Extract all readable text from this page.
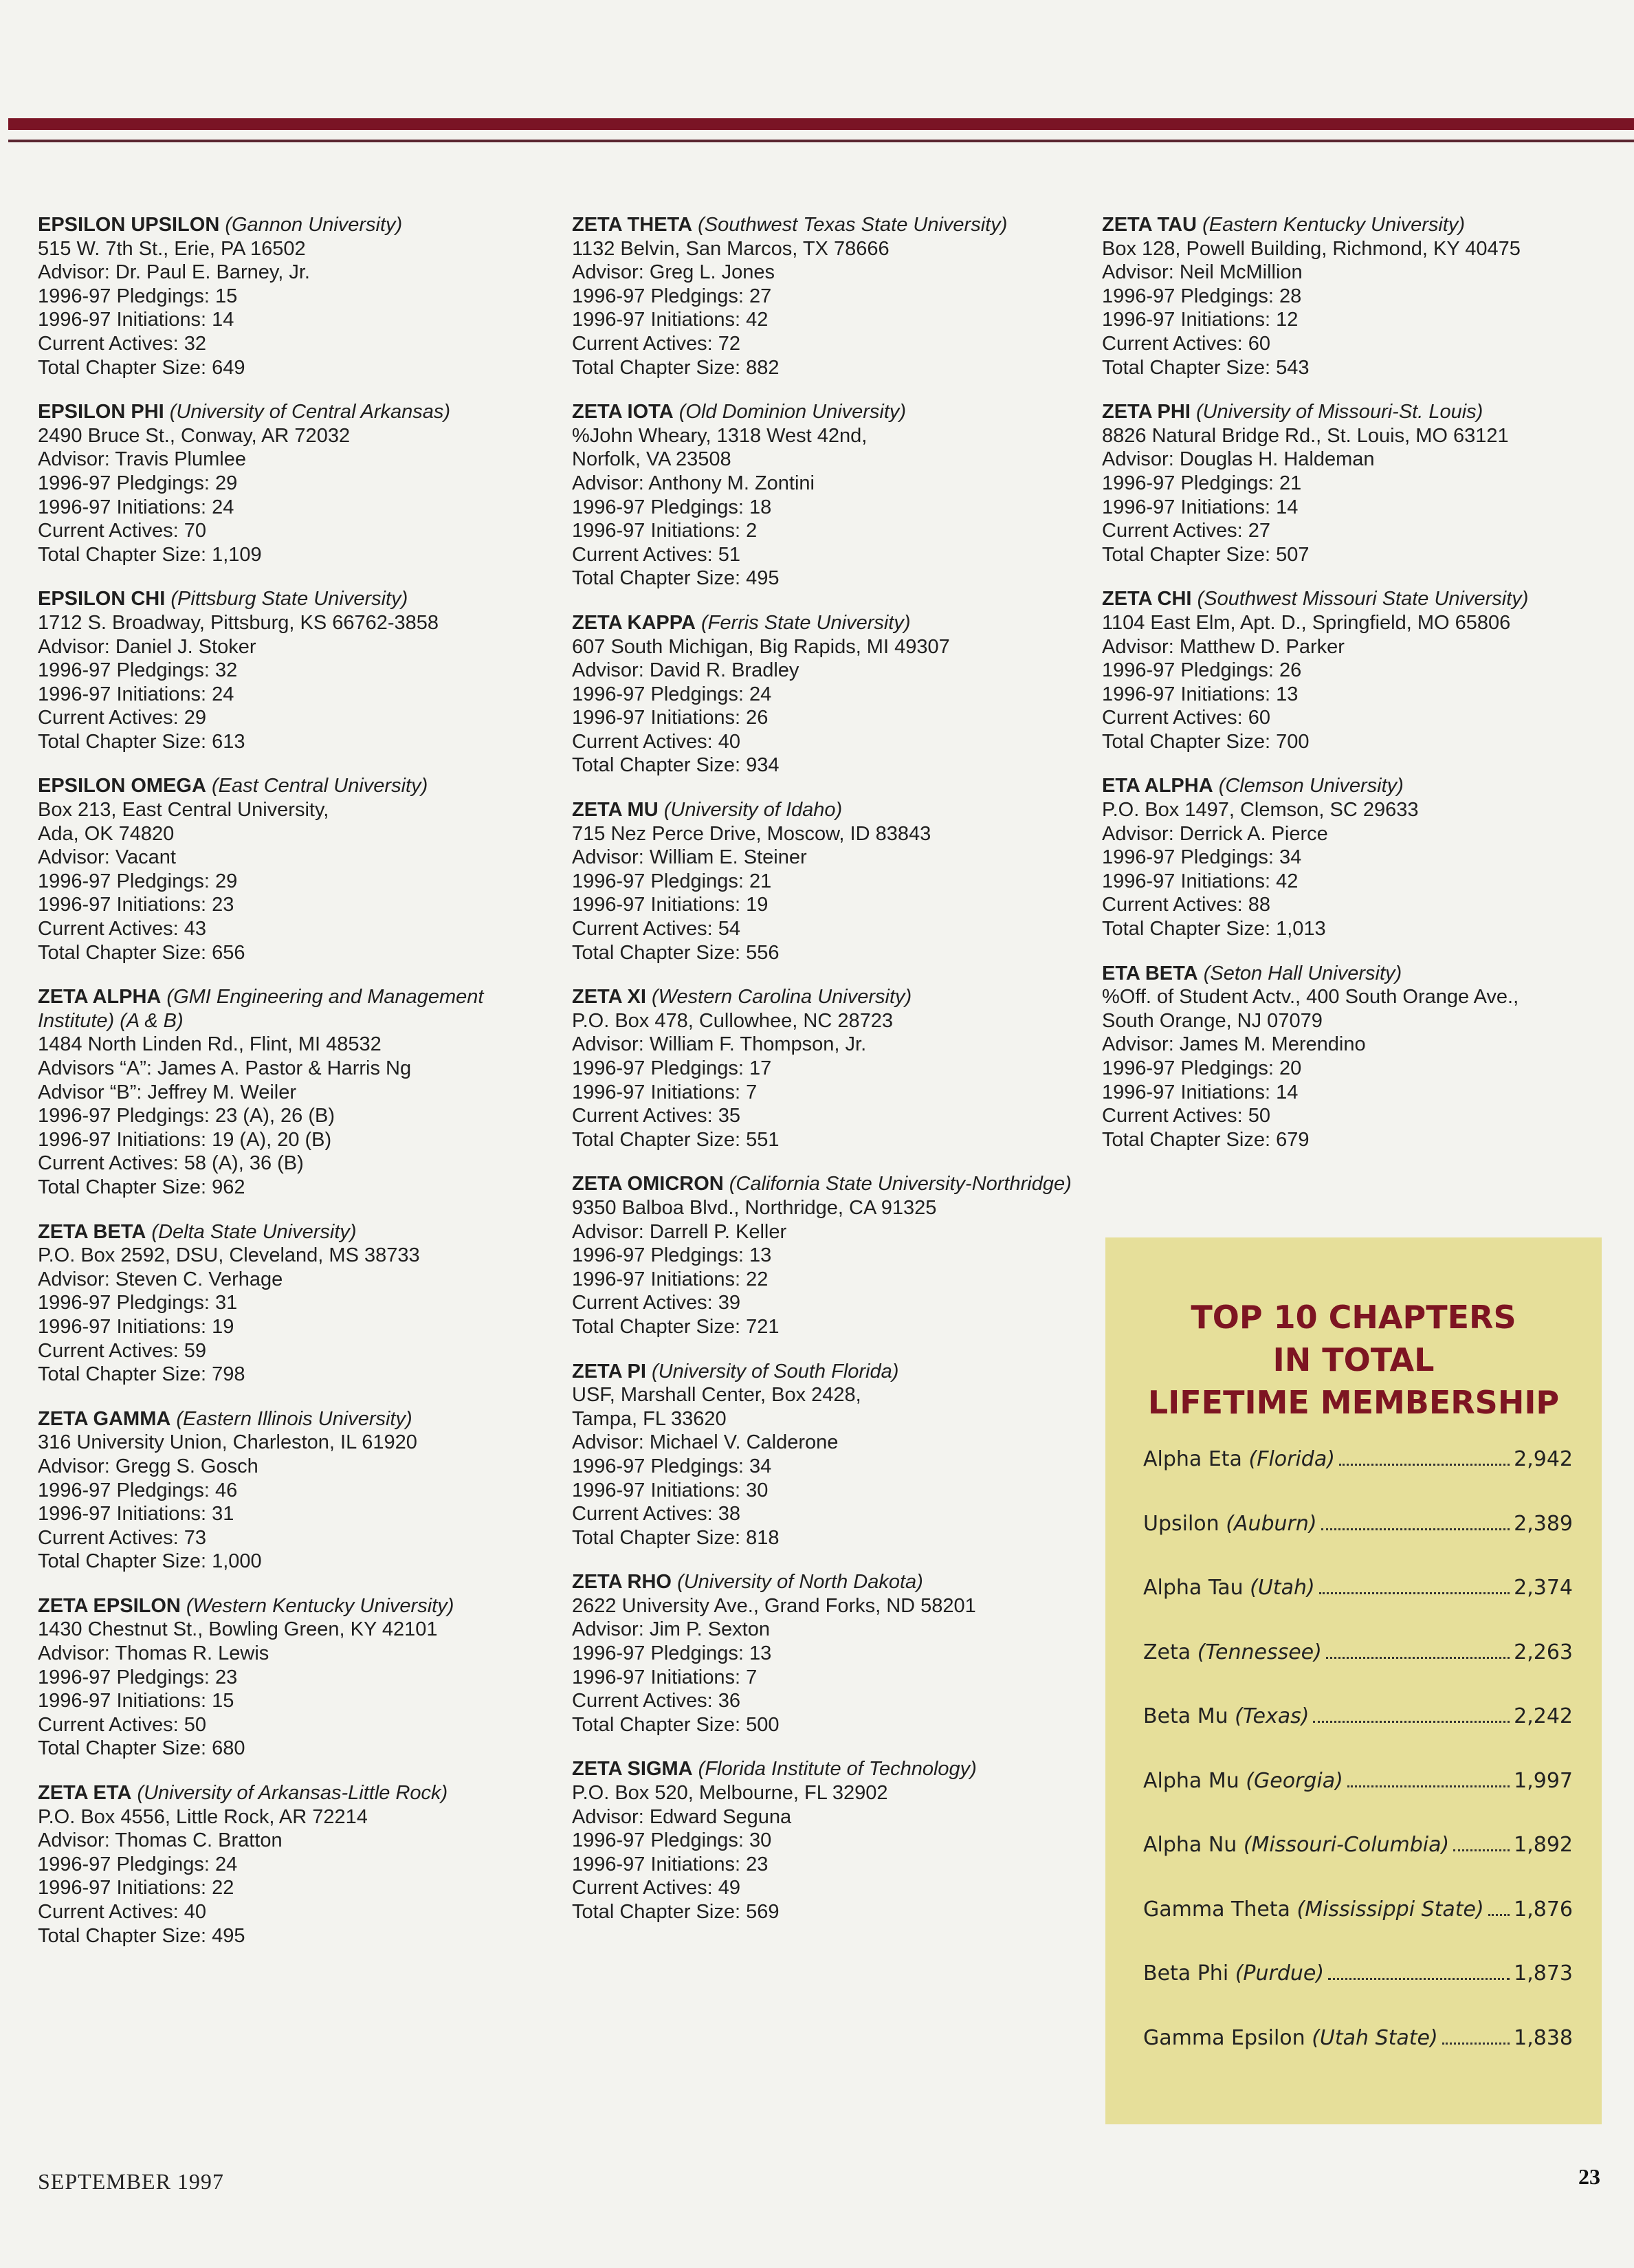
EPSILON UPSILON (Gannon University)
515 W. 7th St., Erie, PA 16502
Advisor: Dr. Paul E. Barney, Jr.
1996-97 Pledgings: 15
1996-97 Initiations: 14
Current Actives: 32
Total Chapter Size: 649
EPSILON PHI (University of Central Arkansas)
2490 Bruce St., Conway, AR 72032
Advisor: Travis Plumlee
1996-97 Pledgings: 29
1996-97 Initiations: 24
Current Actives: 70
Total Chapter Size: 1,109
EPSILON CHI (Pittsburg State University)
1712 S. Broadway, Pittsburg, KS 66762-3858
Advisor: Daniel J. Stoker
1996-97 Pledgings: 32
1996-97 Initiations: 24
Current Actives: 29
Total Chapter Size: 613
EPSILON OMEGA (East Central University)
Box 213, East Central University,
Ada, OK 74820
Advisor: Vacant
1996-97 Pledgings: 29
1996-97 Initiations: 23
Current Actives: 43
Total Chapter Size: 656
ZETA ALPHA (GMI Engineering and Management Institute) (A & B)
1484 North Linden Rd., Flint, MI 48532
Advisors “A”: James A. Pastor & Harris Ng
Advisor “B”: Jeffrey M. Weiler
1996-97 Pledgings: 23 (A), 26 (B)
1996-97 Initiations: 19 (A), 20 (B)
Current Actives: 58 (A), 36 (B)
Total Chapter Size: 962
ZETA BETA (Delta State University)
P.O. Box 2592, DSU, Cleveland, MS 38733
Advisor: Steven C. Verhage
1996-97 Pledgings: 31
1996-97 Initiations: 19
Current Actives: 59
Total Chapter Size: 798
ZETA GAMMA (Eastern Illinois University)
316 University Union, Charleston, IL 61920
Advisor: Gregg S. Gosch
1996-97 Pledgings: 46
1996-97 Initiations: 31
Current Actives: 73
Total Chapter Size: 1,000
ZETA EPSILON (Western Kentucky University)
1430 Chestnut St., Bowling Green, KY 42101
Advisor: Thomas R. Lewis
1996-97 Pledgings: 23
1996-97 Initiations: 15
Current Actives: 50
Total Chapter Size: 680
ZETA ETA (University of Arkansas-Little Rock)
P.O. Box 4556, Little Rock, AR 72214
Advisor: Thomas C. Bratton
1996-97 Pledgings: 24
1996-97 Initiations: 22
Current Actives: 40
Total Chapter Size: 495
ZETA THETA (Southwest Texas State University)
1132 Belvin, San Marcos, TX 78666
Advisor: Greg L. Jones
1996-97 Pledgings: 27
1996-97 Initiations: 42
Current Actives: 72
Total Chapter Size: 882
ZETA IOTA (Old Dominion University)
%John Wheary, 1318 West 42nd,
Norfolk, VA 23508
Advisor: Anthony M. Zontini
1996-97 Pledgings: 18
1996-97 Initiations: 2
Current Actives: 51
Total Chapter Size: 495
ZETA KAPPA (Ferris State University)
607 South Michigan, Big Rapids, MI 49307
Advisor: David R. Bradley
1996-97 Pledgings: 24
1996-97 Initiations: 26
Current Actives: 40
Total Chapter Size: 934
ZETA MU (University of Idaho)
715 Nez Perce Drive, Moscow, ID 83843
Advisor: William E. Steiner
1996-97 Pledgings: 21
1996-97 Initiations: 19
Current Actives: 54
Total Chapter Size: 556
ZETA XI (Western Carolina University)
P.O. Box 478, Cullowhee, NC 28723
Advisor: William F. Thompson, Jr.
1996-97 Pledgings: 17
1996-97 Initiations: 7
Current Actives: 35
Total Chapter Size: 551
ZETA OMICRON (California State University-Northridge)
9350 Balboa Blvd., Northridge, CA 91325
Advisor: Darrell P. Keller
1996-97 Pledgings: 13
1996-97 Initiations: 22
Current Actives: 39
Total Chapter Size: 721
ZETA PI (University of South Florida)
USF, Marshall Center, Box 2428,
Tampa, FL 33620
Advisor: Michael V. Calderone
1996-97 Pledgings: 34
1996-97 Initiations: 30
Current Actives: 38
Total Chapter Size: 818
ZETA RHO (University of North Dakota)
2622 University Ave., Grand Forks, ND 58201
Advisor: Jim P. Sexton
1996-97 Pledgings: 13
1996-97 Initiations: 7
Current Actives: 36
Total Chapter Size: 500
ZETA SIGMA (Florida Institute of Technology)
P.O. Box 520, Melbourne, FL 32902
Advisor: Edward Seguna
1996-97 Pledgings: 30
1996-97 Initiations: 23
Current Actives: 49
Total Chapter Size: 569
ZETA TAU (Eastern Kentucky University)
Box 128, Powell Building, Richmond, KY 40475
Advisor: Neil McMillion
1996-97 Pledgings: 28
1996-97 Initiations: 12
Current Actives: 60
Total Chapter Size: 543
ZETA PHI (University of Missouri-St. Louis)
8826 Natural Bridge Rd., St. Louis, MO 63121
Advisor: Douglas H. Haldeman
1996-97 Pledgings: 21
1996-97 Initiations: 14
Current Actives: 27
Total Chapter Size: 507
ZETA CHI (Southwest Missouri State University)
1104 East Elm, Apt. D., Springfield, MO 65806
Advisor: Matthew D. Parker
1996-97 Pledgings: 26
1996-97 Initiations: 13
Current Actives: 60
Total Chapter Size: 700
ETA ALPHA (Clemson University)
P.O. Box 1497, Clemson, SC 29633
Advisor: Derrick A. Pierce
1996-97 Pledgings: 34
1996-97 Initiations: 42
Current Actives: 88
Total Chapter Size: 1,013
ETA BETA (Seton Hall University)
%Off. of Student Actv., 400 South Orange Ave.,
South Orange, NJ 07079
Advisor: James M. Merendino
1996-97 Pledgings: 20
1996-97 Initiations: 14
Current Actives: 50
Total Chapter Size: 679
TOP 10 CHAPTERS
IN TOTAL
LIFETIME MEMBERSHIP
Alpha Eta (Florida)	2,942
Upsilon (Auburn)	2,389
Alpha Tau (Utah)	2,374
Zeta (Tennessee)	2,263
Beta Mu (Texas)	2,242
Alpha Mu (Georgia)	1,997
Alpha Nu (Missouri-Columbia)	1,892
Gamma Theta (Mississippi State) 1,876
Beta Phi (Purdue)	1,873
Gamma Epsilon (Utah State)	1,838
SEPTEMBER 1997	23
